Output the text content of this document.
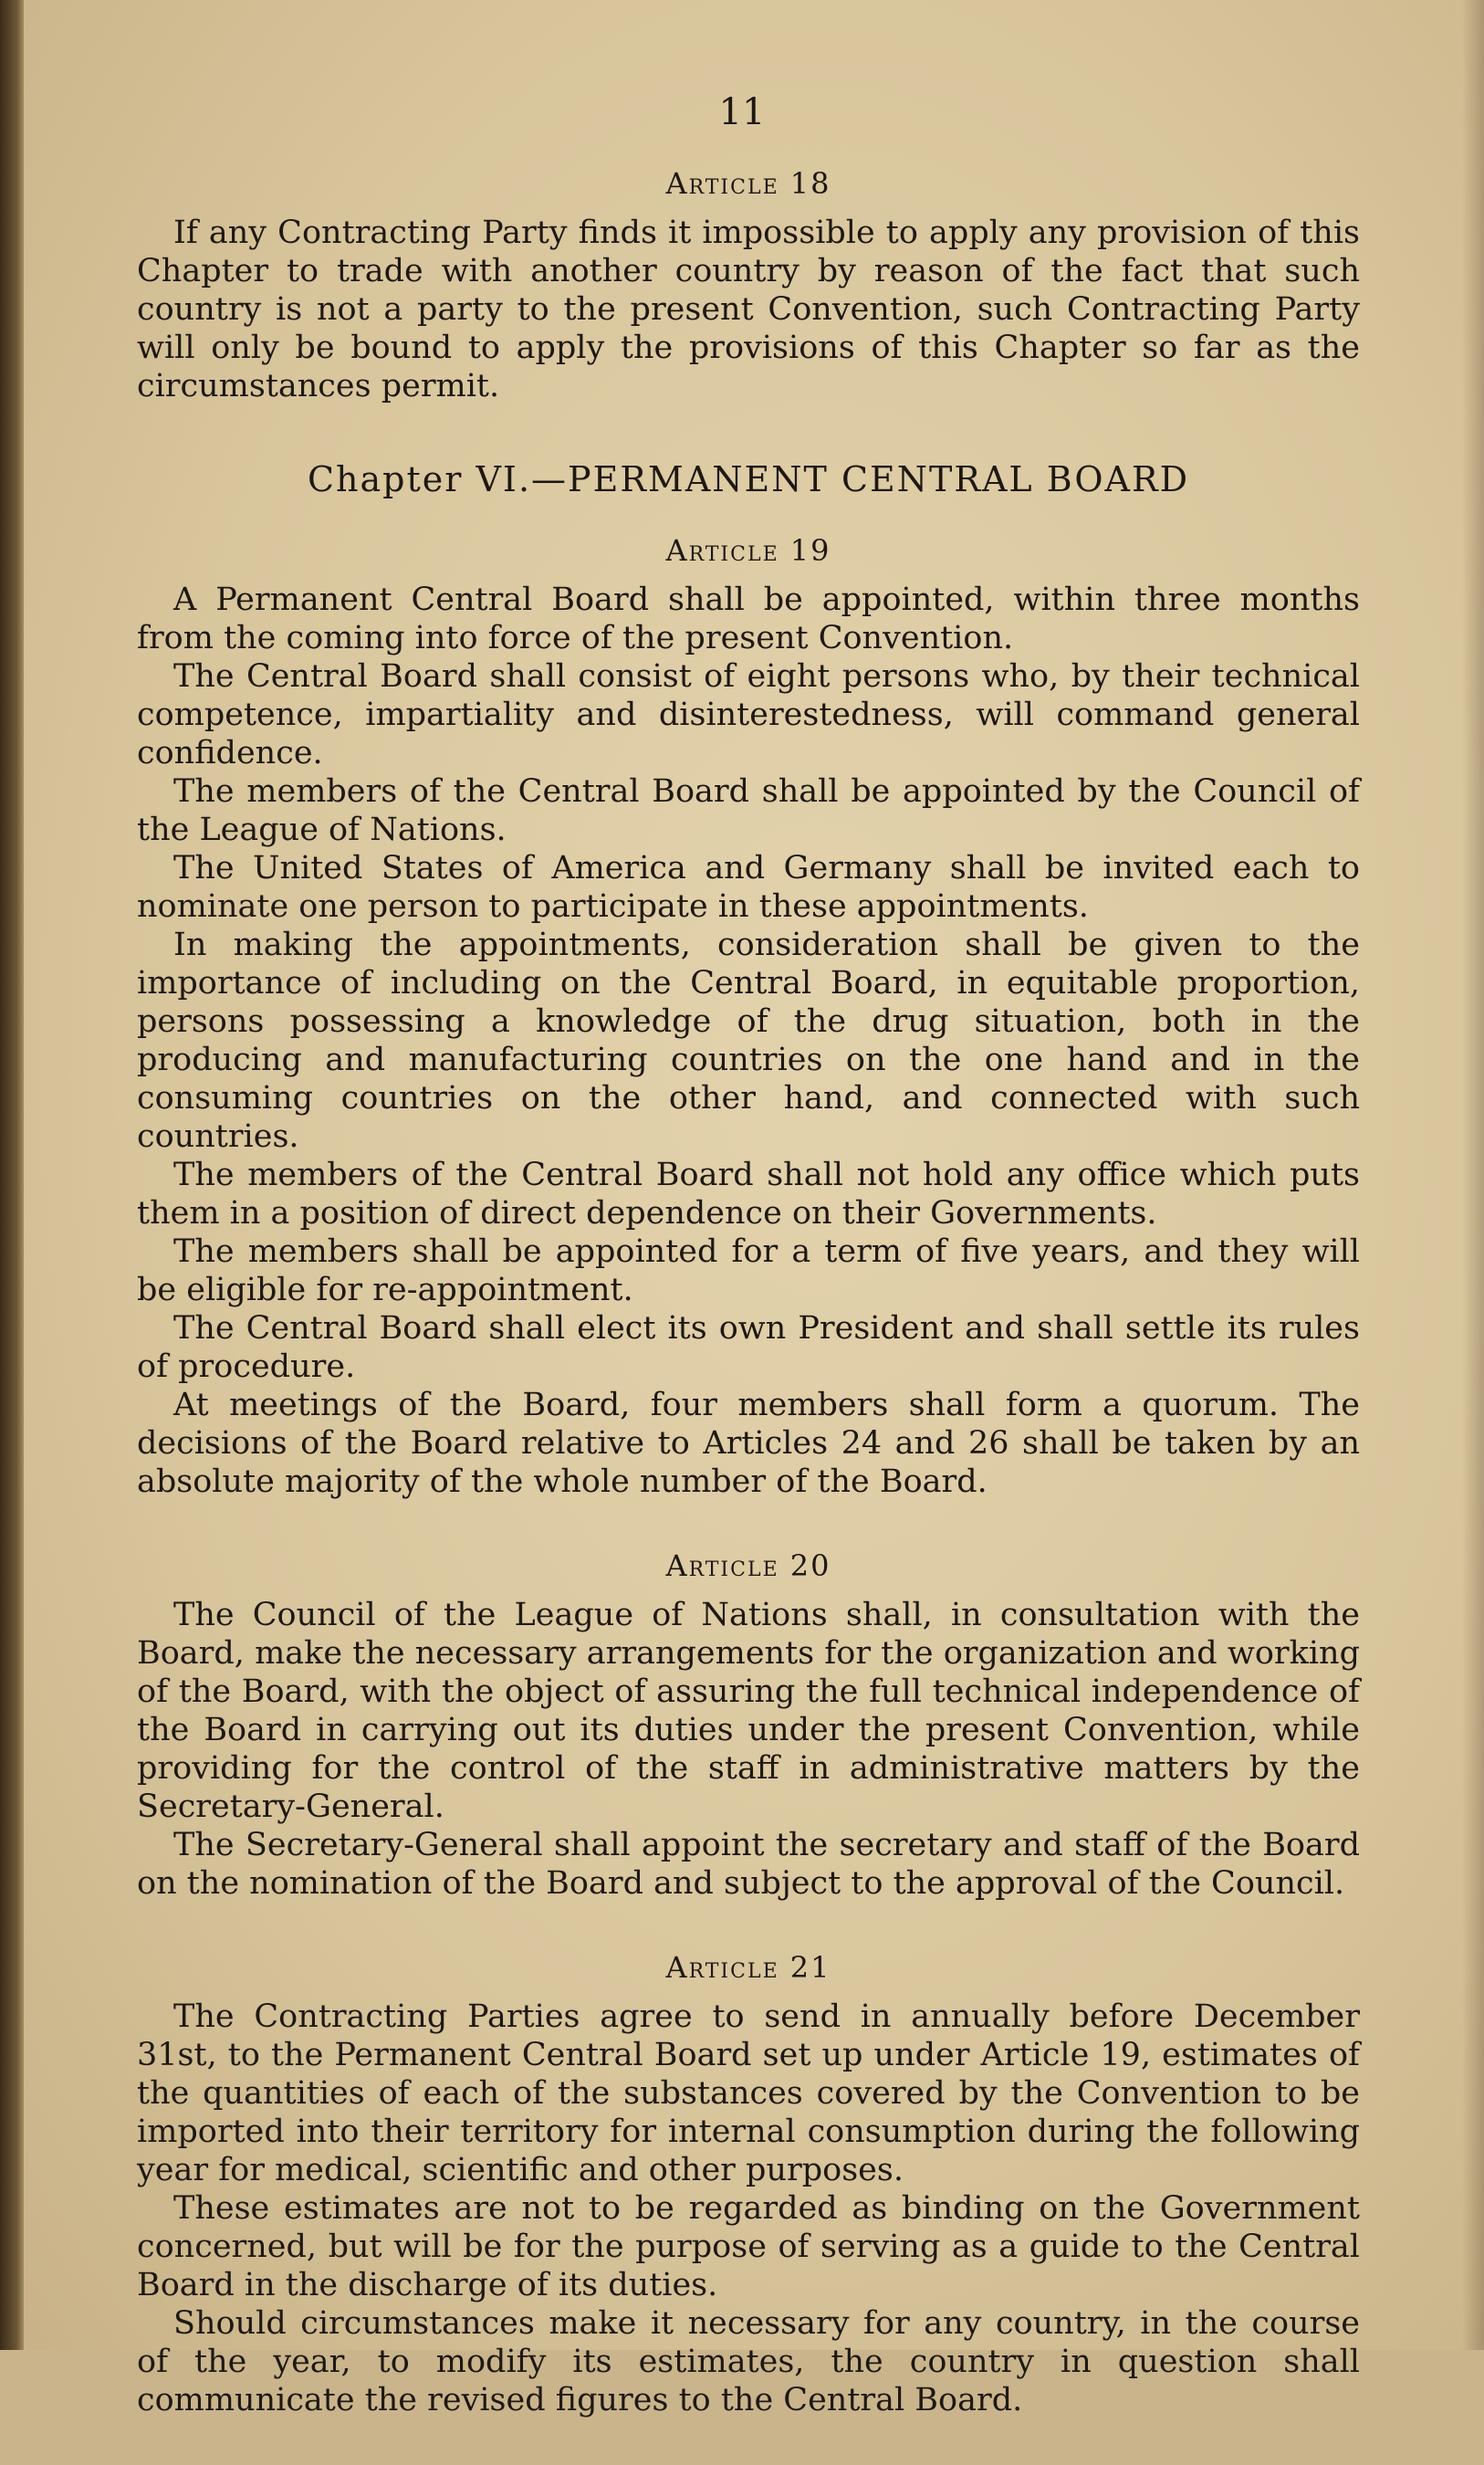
11
Article 18

If any Contracting Party finds it impossible to apply any provision of this Chapter to trade with another country by reason of the fact that such country is not a party to the present Convention, such Contracting Party will only be bound to apply the provisions of this Chapter so far as the circumstances permit.

Chapter VI.—PERMANENT CENTRAL BOARD
Article 19

A Permanent Central Board shall be appointed, within three months from the coming into force of the present Convention.

The Central Board shall consist of eight persons who, by their technical competence, impartiality and disinterestedness, will command general confidence.

The members of the Central Board shall be appointed by the Council of the League of Nations.

The United States of America and Germany shall be invited each to nominate one person to participate in these appointments.

In making the appointments, consideration shall be given to the importance of including on the Central Board, in equitable proportion, persons possessing a knowledge of the drug situation, both in the producing and manufacturing countries on the one hand and in the consuming countries on the other hand, and connected with such countries.

The members of the Central Board shall not hold any office which puts them in a position of direct dependence on their Governments.

The members shall be appointed for a term of five years, and they will be eligible for re-appointment.

The Central Board shall elect its own President and shall settle its rules of procedure.

At meetings of the Board, four members shall form a quorum. The decisions of the Board relative to Articles 24 and 26 shall be taken by an absolute majority of the whole number of the Board.

Article 20

The Council of the League of Nations shall, in consultation with the Board, make the necessary arrangements for the organization and working of the Board, with the object of assuring the full technical independence of the Board in carrying out its duties under the present Convention, while providing for the control of the staff in administrative matters by the Secretary-General.

The Secretary-General shall appoint the secretary and staff of the Board on the nomination of the Board and subject to the approval of the Council.

Article 21

The Contracting Parties agree to send in annually before December 31st, to the Permanent Central Board set up under Article 19, estimates of the quantities of each of the substances covered by the Convention to be imported into their territory for internal consumption during the following year for medical, scientific and other purposes.

These estimates are not to be regarded as binding on the Government concerned, but will be for the purpose of serving as a guide to the Central Board in the discharge of its duties.

Should circumstances make it necessary for any country, in the course of the year, to modify its estimates, the country in question shall communicate the revised figures to the Central Board.
